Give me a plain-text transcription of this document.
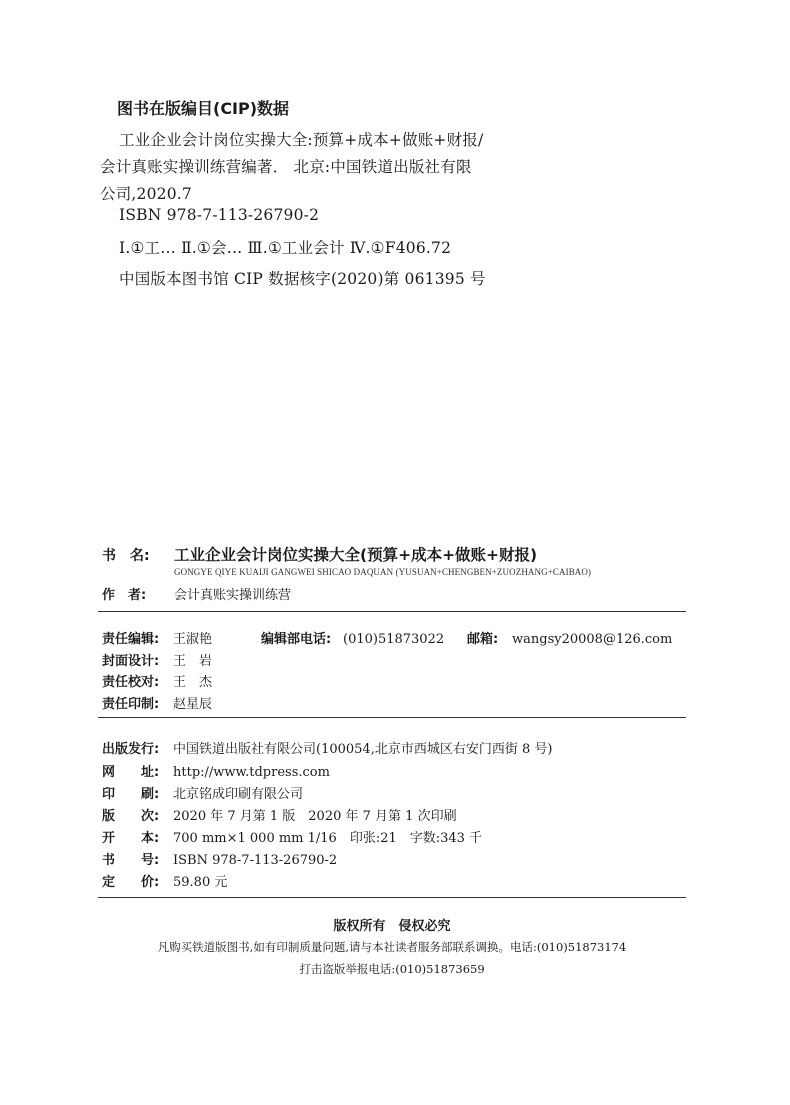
图书在版编目(CIP)数据
工业企业会计岗位实操大全:预算+成本+做账+财报/
会计真账实操训练营编著． 北京:中国铁道出版社有限
公司,2020.7
ISBN 978-7-113-26790-2
Ⅰ.①工… Ⅱ.①会… Ⅲ.①工业会计 Ⅳ.①F406.72
中国版本图书馆 CIP 数据核字(2020)第 061395 号
书　名: 工业企业会计岗位实操大全(预算+成本+做账+财报)
GONGYE QIYE KUAIJI GANGWEI SHICAO DAQUAN (YUSUAN+CHENGBEN+ZUOZHANG+CAIBAO)
作　者: 会计真账实操训练营
责任编辑: 王淑艳	编辑部电话: (010)51873022 邮箱: wangsy20008@126.com
封面设计: 王　岩
责任校对: 王　杰
责任印制: 赵星辰
出版发行: 中国铁道出版社有限公司(100054,北京市西城区右安门西街 8 号)
网　　址: http://www.tdpress.com
印　　刷: 北京铭成印刷有限公司
版　　次: 2020 年 7 月第 1 版　2020 年 7 月第 1 次印刷
开　　本: 700 mm×1 000 mm 1/16　印张:21　字数:343 千
书　　号: ISBN 978-7-113-26790-2
定　　价: 59.80 元
版权所有　侵权必究
凡购买铁道版图书,如有印制质量问题,请与本社读者服务部联系调换。电话:(010)51873174
打击盗版举报电话:(010)51873659
